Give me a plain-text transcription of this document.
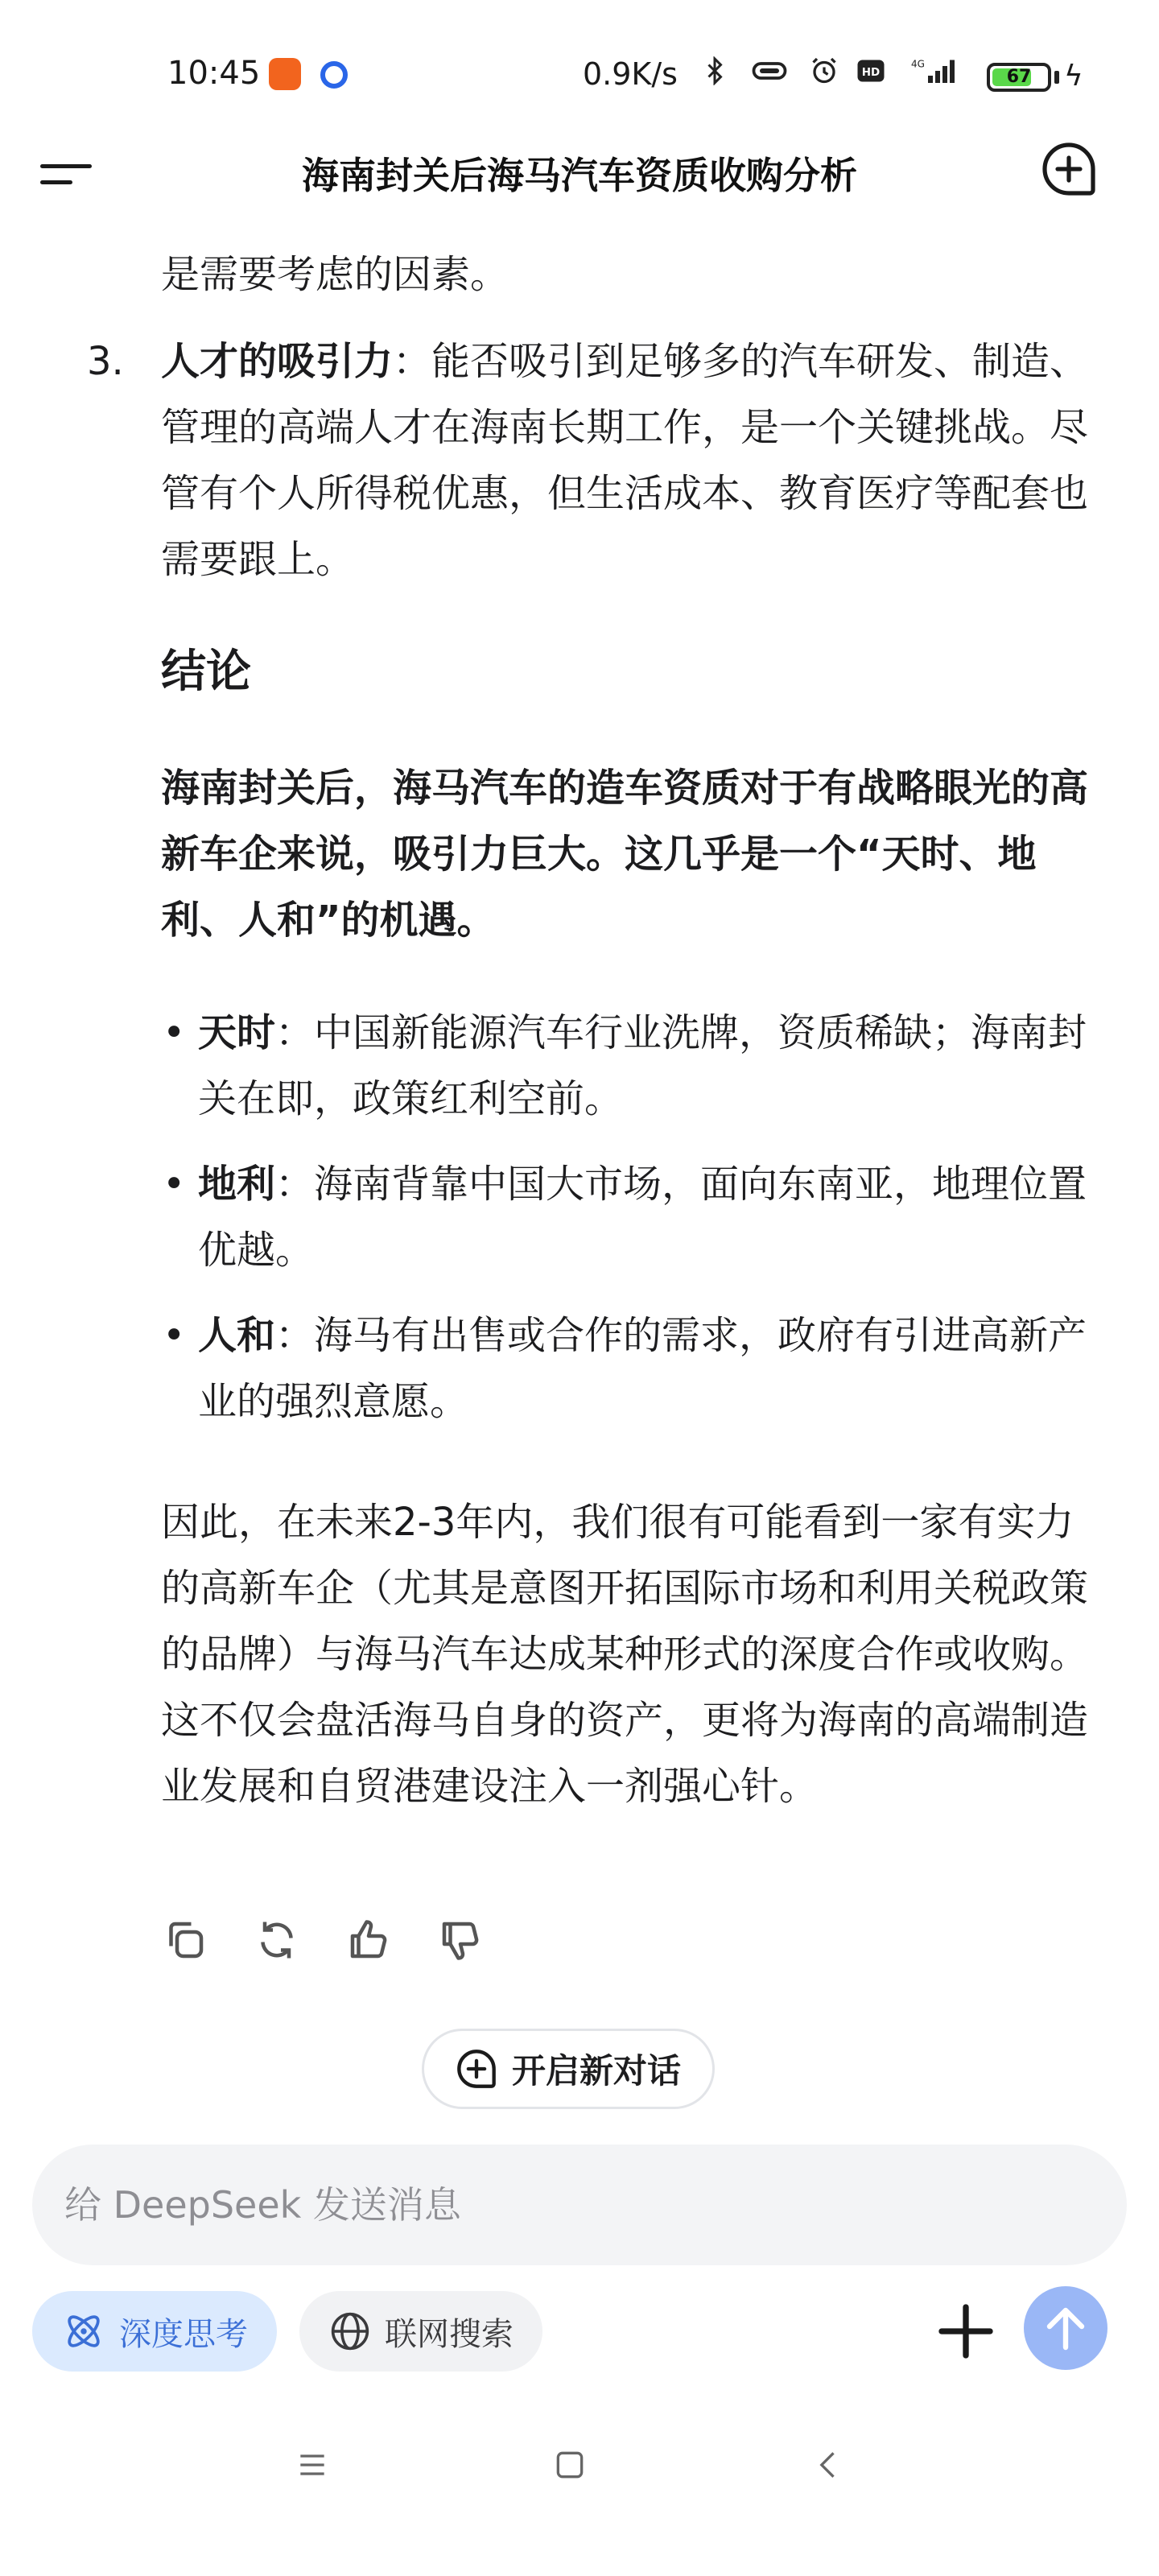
10:45	0.9K/s	HD
4G
67	ϟ
是需要考虑的因素。
3. 人才的吸引力：能否吸引到足够多的汽车研发、制造、管理的高端人才在海南长期工作，是一个关键挑战。尽管有个人所得税优惠，但生活成本、教育医疗等配套也需要跟上。
结论
海南封关后，海马汽车的造车资质对于有战略眼光的高新车企来说，吸引力巨大。这几乎是一个“天时、地利、人和”的机遇。
• 天时：中国新能源汽车行业洗牌，资质稀缺；海南封关在即，政策红利空前。
• 地利：海南背靠中国大市场，面向东南亚，地理位置优越。
• 人和：海马有出售或合作的需求，政府有引进高新产业的强烈意愿。
因此，在未来2-3年内，我们很有可能看到一家有实力的高新车企（尤其是意图开拓国际市场和利用关税政策的品牌）与海马汽车达成某种形式的深度合作或收购。这不仅会盘活海马自身的资产，更将为海南的高端制造业发展和自贸港建设注入一剂强心针。
海南封关后海马汽车资质收购分析
开启新对话
给 DeepSeek 发送消息
深度思考	联网搜索
